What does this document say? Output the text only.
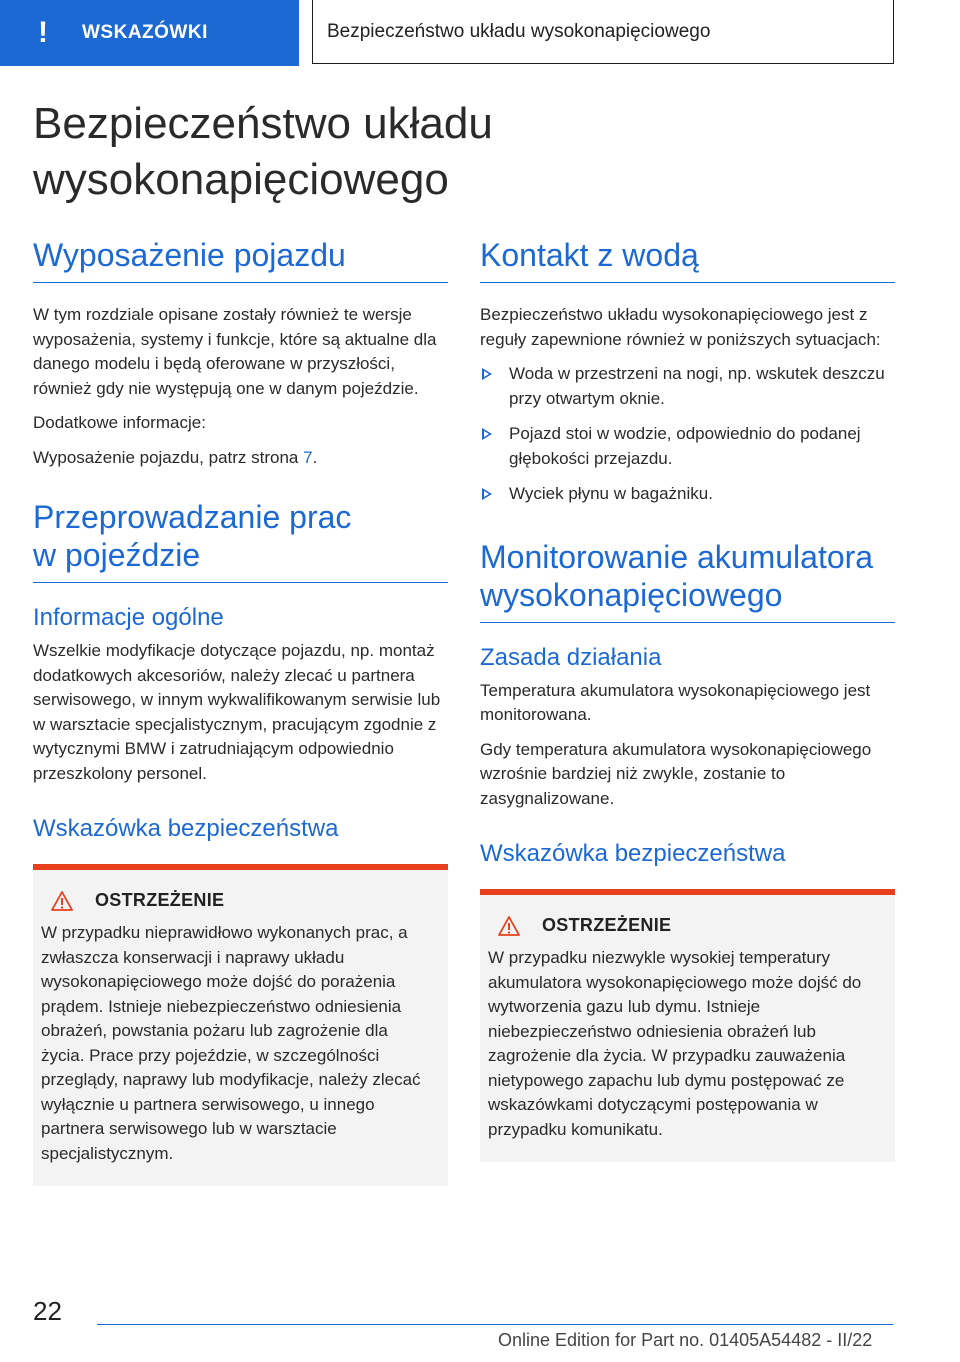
!	WSKAZÓWKI	Bezpieczeństwo układu wysokonapięciowego
Bezpieczeństwo układu
wysokonapięciowego
Wyposażenie pojazdu

W tym rozdziale opisane zostały również te wersje wyposażenia, systemy i funkcje, które są aktualne dla danego modelu i będą oferowane w przyszłości, również gdy nie występują one w danym pojeździe.

Dodatkowe informacje:

Wyposażenie pojazdu, patrz strona 7.

Przeprowadzanie prac
w pojeździe
Informacje ogólne

Wszelkie modyfikacje dotyczące pojazdu, np. montaż dodatkowych akcesoriów, należy zlecać u partnera serwisowego, w innym wykwalifikowanym serwisie lub w warsztacie specjalistycznym, pracującym zgodnie z wytycznymi BMW i zatrudniającym odpowiednio przeszkolony personel.

Wskazówka bezpieczeństwa
OSTRZEŻENIE

W przypadku nieprawidłowo wykonanych prac, a zwłaszcza konserwacji i naprawy układu wysokonapięciowego może dojść do porażenia prądem. Istnieje niebezpieczeństwo odniesienia obrażeń, powstania pożaru lub zagrożenie dla życia. Prace przy pojeździe, w szczególności przeglądy, naprawy lub modyfikacje, należy zlecać wyłącznie u partnera serwisowego, u innego partnera serwisowego lub w warsztacie specjalistycznym.

Kontakt z wodą

Bezpieczeństwo układu wysokonapięciowego jest z reguły zapewnione również w poniższych sytuacjach:

Woda w przestrzeni na nogi, np. wskutek deszczu przy otwartym oknie.
Pojazd stoi w wodzie, odpowiednio do podanej głębokości przejazdu.
Wyciek płynu w bagażniku.
Monitorowanie akumulatora
wysokonapięciowego
Zasada działania

Temperatura akumulatora wysokonapięciowego jest monitorowana.

Gdy temperatura akumulatora wysokonapięciowego wzrośnie bardziej niż zwykle, zostanie to zasygnalizowane.

Wskazówka bezpieczeństwa
OSTRZEŻENIE

W przypadku niezwykle wysokiej temperatury akumulatora wysokonapięciowego może dojść do wytworzenia gazu lub dymu. Istnieje niebezpieczeństwo odniesienia obrażeń lub zagrożenie dla życia. W przypadku zauważenia nietypowego zapachu lub dymu postępować ze wskazówkami dotyczącymi postępowania w przypadku komunikatu.

22
Online Edition for Part no. 01405A54482 - II/22
